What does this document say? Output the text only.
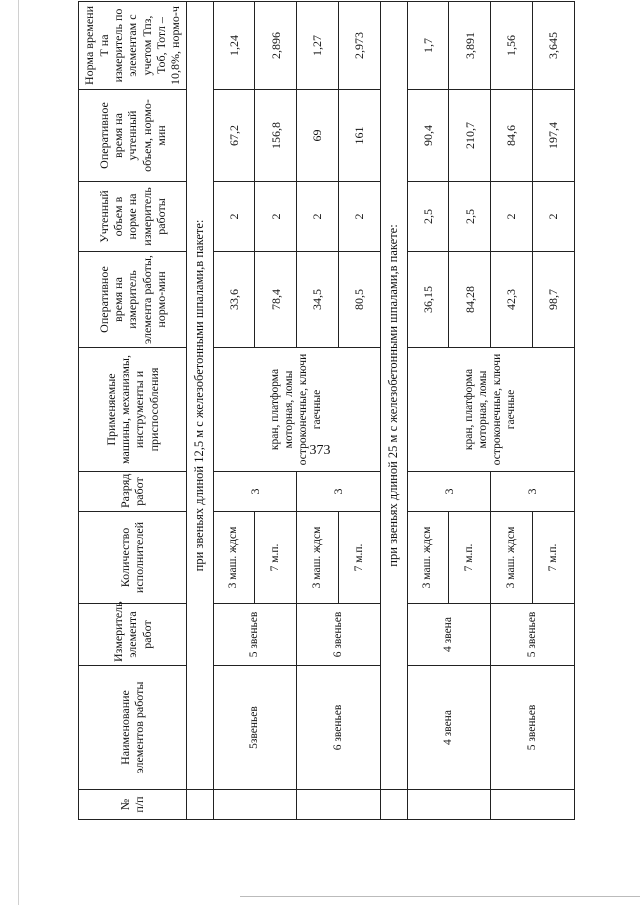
373
№ п/п	Наименование элементов работы	Измеритель элемента работ	Количество исполнителей	Разряд работ	Применяемые машины, механизмы, инструменты и приспособления	Оперативное время на измеритель элемента работы, нормо-мин	Учтенный объем в норме на измеритель работы	Оперативное время на учтенный объем, нормо-мин	Норма времени Т на измеритель по элементам с учетом Тпз, Тоб, Тотл – 10,8%, нормо-ч
	при звеньях длиной 12,5 м с железобетонными шпалами,в пакете:								
	5звеньев	5 звеньев	3 маш. ждсм	3	кран, платформа моторная, ломы остроконечные, ключи гаечные	33,6	2	67,2	1,24
			7 м.п.			78,4	2	156,8	2,896
	6 звеньев	6 звеньев	3 маш. ждсм	3		34,5	2	69	1,27
			7 м.п.			80,5	2	161	2,973
	при звеньях длиной 25 м с железобетонными шпалами,в пакете:								
	4 звена	4 звена	3 маш. ждсм	3	кран, платформа моторная, ломы остроконечные, ключи гаечные	36,15	2,5	90,4	1,7
			7 м.п.			84,28	2,5	210,7	3,891
	5 звеньев	5 звеньев	3 маш. ждсм	3		42,3	2	84,6	1,56
			7 м.п.			98,7	2	197,4	3,645
